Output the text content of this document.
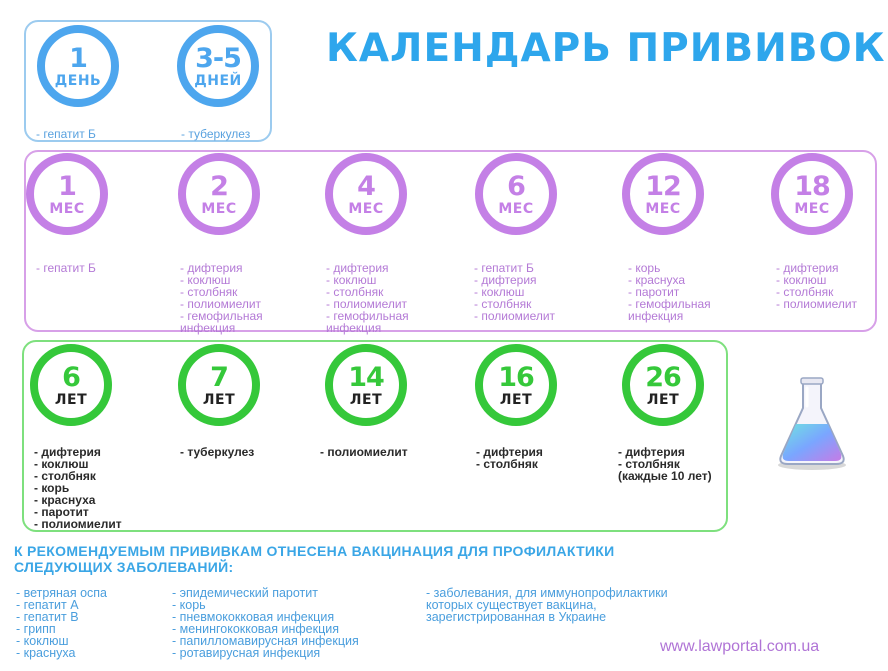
КАЛЕНДАРЬ ПРИВИВОК
1
ДЕНЬ
- гепатит Б
3-5
ДНЕЙ
- туберкулез
1
МЕС
- гепатит Б
2
МЕС
- дифтерия
- коклюш
- столбняк
- полиомиелит
- гемофильная
инфекция
4
МЕС
- дифтерия
- коклюш
- столбняк
- полиомиелит
- гемофильная
инфекция
6
МЕС
- гепатит Б
- дифтерия
- коклюш
- столбняк
- полиомиелит
12
МЕС
- корь
- краснуха
- паротит
- гемофильная
инфекция
18
МЕС
- дифтерия
- коклюш
- столбняк
- полиомиелит
6
ЛЕТ
- дифтерия
- коклюш
- столбняк
- корь
- краснуха
- паротит
- полиомиелит
7
ЛЕТ
- туберкулез
14
ЛЕТ
- полиомиелит
16
ЛЕТ
- дифтерия
- столбняк
26
ЛЕТ
- дифтерия
- столбняк
(каждые 10 лет)
К РЕКОМЕНДУЕМЫМ ПРИВИВКАМ ОТНЕСЕНА ВАКЦИНАЦИЯ ДЛЯ ПРОФИЛАКТИКИ
СЛЕДУЮЩИХ ЗАБОЛЕВАНИЙ:
- ветряная оспа
- гепатит А
- гепатит В
- грипп
- коклюш
- краснуха
- эпидемический паротит
- корь
- пневмококковая инфекция
- менингококковая инфекция
- папилломавирусная инфекция
- ротавирусная инфекция
- заболевания, для иммунопрофилактики
которых существует вакцина,
зарегистрированная в Украине
www.lawportal.com.ua
